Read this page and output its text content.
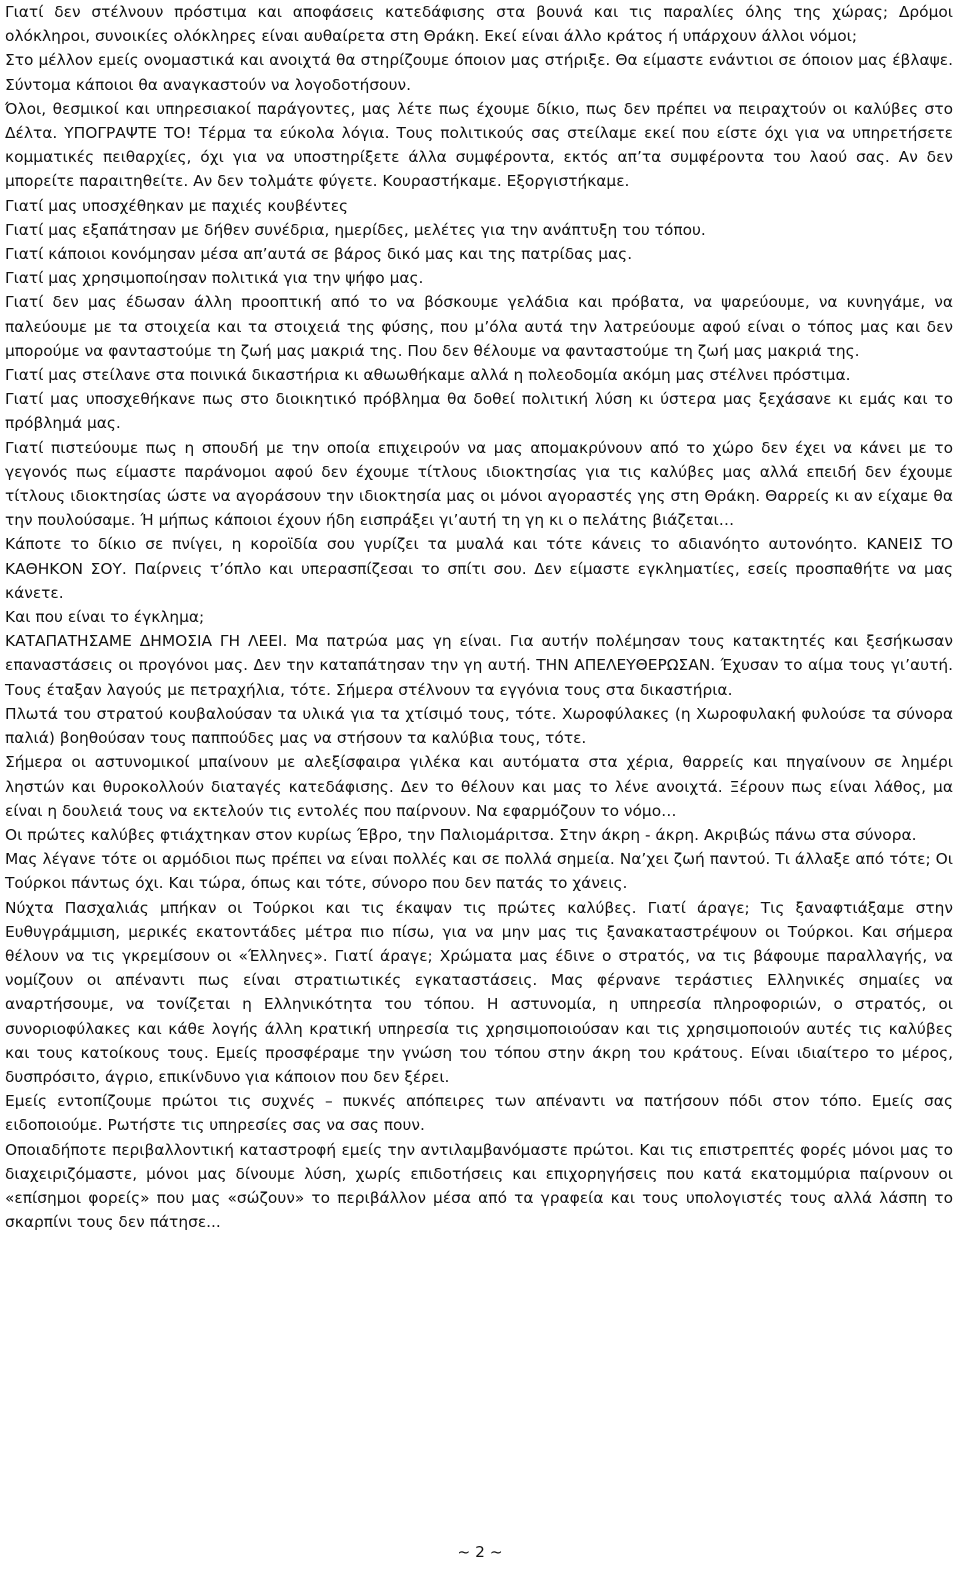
Γιατί δεν στέλνουν πρόστιμα και αποφάσεις κατεδάφισης στα βουνά και τις παραλίες όλης της χώρας; Δρόμοι ολόκληροι, συνοικίες ολόκληρες είναι αυθαίρετα στη Θράκη. Εκεί είναι άλλο κράτος ή υπάρχουν άλλοι νόμοι;

Στο μέλλον εμείς ονομαστικά και ανοιχτά θα στηρίζουμε όποιον μας στήριξε. Θα είμαστε ενάντιοι σε όποιον μας έβλαψε. Σύντομα κάποιοι θα αναγκαστούν να λογοδοτήσουν.

Όλοι, θεσμικοί και υπηρεσιακοί παράγοντες, μας λέτε πως έχουμε δίκιο, πως δεν πρέπει να πειραχτούν οι καλύβες στο Δέλτα. ΥΠΟΓΡΑΨΤΕ ΤΟ! Τέρμα τα εύκολα λόγια. Τους πολιτικούς σας στείλαμε εκεί που είστε όχι για να υπηρετήσετε κομματικές πειθαρχίες, όχι για να υποστηρίξετε άλλα συμφέροντα, εκτός απ’τα συμφέροντα του λαού σας. Αν δεν μπορείτε παραιτηθείτε. Αν δεν τολμάτε φύγετε. Κουραστήκαμε. Εξοργιστήκαμε.

Γιατί μας υποσχέθηκαν με παχιές κουβέντες

Γιατί μας εξαπάτησαν με δήθεν συνέδρια, ημερίδες, μελέτες για την ανάπτυξη του τόπου.

Γιατί κάποιοι κονόμησαν μέσα απ’αυτά σε βάρος δικό μας και της πατρίδας μας.

Γιατί μας χρησιμοποίησαν πολιτικά για την ψήφο μας.

Γιατί δεν μας έδωσαν άλλη προοπτική από το να βόσκουμε γελάδια και πρόβατα, να ψαρεύουμε, να κυνηγάμε, να παλεύουμε με τα στοιχεία και τα στοιχειά της φύσης, που μ’όλα αυτά την λατρεύουμε αφού είναι ο τόπος μας και δεν μπορούμε να φανταστούμε τη ζωή μας μακριά της. Που δεν θέλουμε να φανταστούμε τη ζωή μας μακριά της.

Γιατί μας στείλανε στα ποινικά δικαστήρια κι αθωωθήκαμε αλλά η πολεοδομία ακόμη μας στέλνει πρόστιμα.

Γιατί μας υποσχεθήκανε πως στο διοικητικό πρόβλημα θα δοθεί πολιτική λύση κι ύστερα μας ξεχάσανε κι εμάς και το πρόβλημά μας.

Γιατί πιστεύουμε πως η σπουδή με την οποία επιχειρούν να μας απομακρύνουν από το χώρο δεν έχει να κάνει με το γεγονός πως είμαστε παράνομοι αφού δεν έχουμε τίτλους ιδιοκτησίας για τις καλύβες μας αλλά επειδή δεν έχουμε τίτλους ιδιοκτησίας ώστε να αγοράσουν την ιδιοκτησία μας οι μόνοι αγοραστές γης στη Θράκη. Θαρρείς κι αν είχαμε θα την πουλούσαμε. Ή μήπως κάποιοι έχουν ήδη εισπράξει γι’αυτή τη γη κι ο πελάτης βιάζεται…

Κάποτε το δίκιο σε πνίγει, η κοροϊδία σου γυρίζει τα μυαλά και τότε κάνεις το αδιανόητο αυτονόητο. ΚΑΝΕΙΣ ΤΟ ΚΑΘΗΚΟΝ ΣΟΥ. Παίρνεις τ’όπλο και υπερασπίζεσαι το σπίτι σου. Δεν είμαστε εγκληματίες, εσείς προσπαθήτε να μας κάνετε.

Και που είναι το έγκλημα;

ΚΑΤΑΠΑΤΗΣΑΜΕ ΔΗΜΟΣΙΑ ΓΗ ΛΕΕΙ. Μα πατρώα μας γη είναι. Για αυτήν πολέμησαν τους κατακτητές και ξεσήκωσαν επαναστάσεις οι προγόνοι μας. Δεν την καταπάτησαν την γη αυτή. ΤΗΝ ΑΠΕΛΕΥΘΕΡΩΣΑΝ. Έχυσαν το αίμα τους γι’αυτή. Τους έταξαν λαγούς με πετραχήλια, τότε. Σήμερα στέλνουν τα εγγόνια τους στα δικαστήρια.

Πλωτά του στρατού κουβαλούσαν τα υλικά για τα χτίσιμό τους, τότε. Χωροφύλακες (η Χωροφυλακή φυλούσε τα σύνορα παλιά) βοηθούσαν τους παππούδες μας να στήσουν τα καλύβια τους, τότε.

Σήμερα οι αστυνομικοί μπαίνουν με αλεξίσφαιρα γιλέκα και αυτόματα στα χέρια, θαρρείς και πηγαίνουν σε λημέρι ληστών και θυροκολλούν διαταγές κατεδάφισης. Δεν το θέλουν και μας το λένε ανοιχτά. Ξέρουν πως είναι λάθος, μα είναι η δουλειά τους να εκτελούν τις εντολές που παίρνουν. Να εφαρμόζουν το νόμο…

Οι πρώτες καλύβες φτιάχτηκαν στον κυρίως Έβρο, την Παλιομάριτσα. Στην άκρη - άκρη. Ακριβώς πάνω στα σύνορα.

Μας λέγανε τότε οι αρμόδιοι πως πρέπει να είναι πολλές και σε πολλά σημεία. Να’χει ζωή παντού. Τι άλλαξε από τότε; Οι Τούρκοι πάντως όχι. Και τώρα, όπως και τότε, σύνορο που δεν πατάς το χάνεις.

Νύχτα Πασχαλιάς μπήκαν οι Τούρκοι και τις έκαψαν τις πρώτες καλύβες. Γιατί άραγε; Τις ξαναφτιάξαμε στην Ευθυγράμμιση, μερικές εκατοντάδες μέτρα πιο πίσω, για να μην μας τις ξανακαταστρέψουν οι Τούρκοι. Και σήμερα θέλουν να τις γκρεμίσουν οι «Έλληνες». Γιατί άραγε; Χρώματα μας έδινε ο στρατός, να τις βάφουμε παραλλαγής, να νομίζουν οι απέναντι πως είναι στρατιωτικές εγκαταστάσεις. Μας φέρνανε τεράστιες Ελληνικές σημαίες να αναρτήσουμε, να τονίζεται η Ελληνικότητα του τόπου. Η αστυνομία, η υπηρεσία πληροφοριών, ο στρατός, οι συνοριοφύλακες και κάθε λογής άλλη κρατική υπηρεσία τις χρησιμοποιούσαν και τις χρησιμοποιούν αυτές τις καλύβες και τους κατοίκους τους. Εμείς προσφέραμε την γνώση του τόπου στην άκρη του κράτους. Είναι ιδιαίτερο το μέρος, δυσπρόσιτο, άγριο, επικίνδυνο για κάποιον που δεν ξέρει.

Εμείς εντοπίζουμε πρώτοι τις συχνές – πυκνές απόπειρες των απέναντι να πατήσουν πόδι στον τόπο. Εμείς σας ειδοποιούμε. Ρωτήστε τις υπηρεσίες σας να σας πουν.

Οποιαδήποτε περιβαλλοντική καταστροφή εμείς την αντιλαμβανόμαστε πρώτοι. Και τις επιστρεπτές φορές μόνοι μας το διαχειριζόμαστε, μόνοι μας δίνουμε λύση, χωρίς επιδοτήσεις και επιχορηγήσεις που κατά εκατομμύρια παίρνουν οι «επίσημοι φορείς» που μας «σώζουν» το περιβάλλον μέσα από τα γραφεία και τους υπολογιστές τους αλλά λάσπη το σκαρπίνι τους δεν πάτησε...

~ 2 ~
